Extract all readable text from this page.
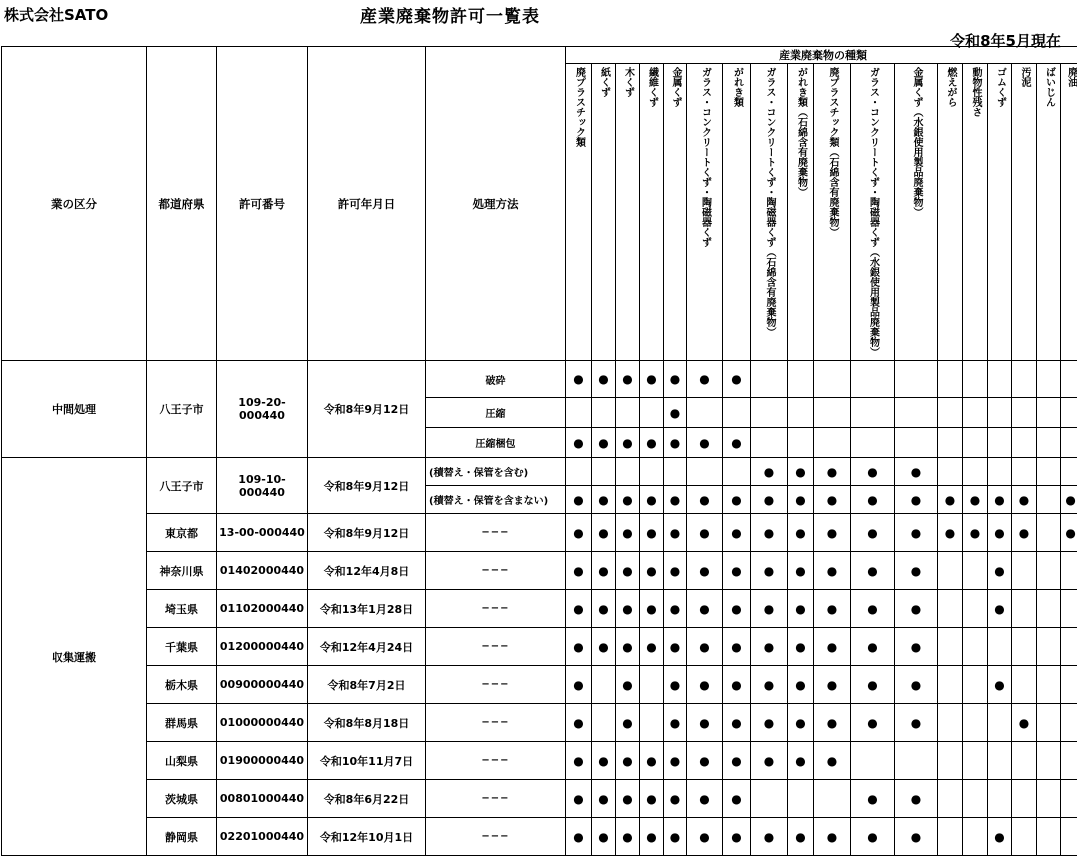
株式会社SATO	産業廃棄物許可一覧表
令和8年5月現在
業の区分	都道府県	許可番号	許可年月日	処理方法	産業廃棄物の種類																	
					廃プラスチック類	紙くず	木くず	繊維くず	金属くず	ガラス・コンクリートくず・陶磁器くず	がれき類	ガラス・コンクリートくず・陶磁器くず︵石綿含有廃棄物︶	がれき類︵石綿含有廃棄物︶	廃プラスチック類︵石綿含有廃棄物︶	ガラス・コンクリートくず・陶磁器くず︵水銀使用製品廃棄物︶	金属くず︵水銀使用製品廃棄物︶	燃えがら	動物性残さ	ゴムくず	汚泥	ばいじん	廃油
中間処理	八王子市	109-20-000440	令和8年9月12日	破砕	●	●	●	●	●	●	●											
				圧縮					●													
				圧縮梱包	●	●	●	●	●	●	●											
収集運搬	八王子市	109-10-000440	令和8年9月12日	(積替え・保管を含む)								●	●	●	●	●						
				(積替え・保管を含まない)	●	●	●	●	●	●	●	●	●	●	●	●	●	●	●	●		●
	東京都	13-00-000440	令和8年9月12日	−−−	●	●	●	●	●	●	●	●	●	●	●	●	●	●	●	●		●
	神奈川県	01402000440	令和12年4月8日	−−−	●	●	●	●	●	●	●	●	●	●	●	●			●			
	埼玉県	01102000440	令和13年1月28日	−−−	●	●	●	●	●	●	●	●	●	●	●	●			●			
	千葉県	01200000440	令和12年4月24日	−−−	●	●	●	●	●	●	●	●	●	●	●	●						
	栃木県	00900000440	令和8年7月2日	−−−	●		●		●	●	●	●	●	●	●	●			●			
	群馬県	01000000440	令和8年8月18日	−−−	●		●		●	●	●	●	●	●	●	●				●		
	山梨県	01900000440	令和10年11月7日	−−−	●	●	●	●	●	●	●	●	●	●								
	茨城県	00801000440	令和8年6月22日	−−−	●	●	●	●	●	●	●				●	●						
	静岡県	02201000440	令和12年10月1日	−−−	●	●	●	●	●	●	●	●	●	●	●	●			●			
